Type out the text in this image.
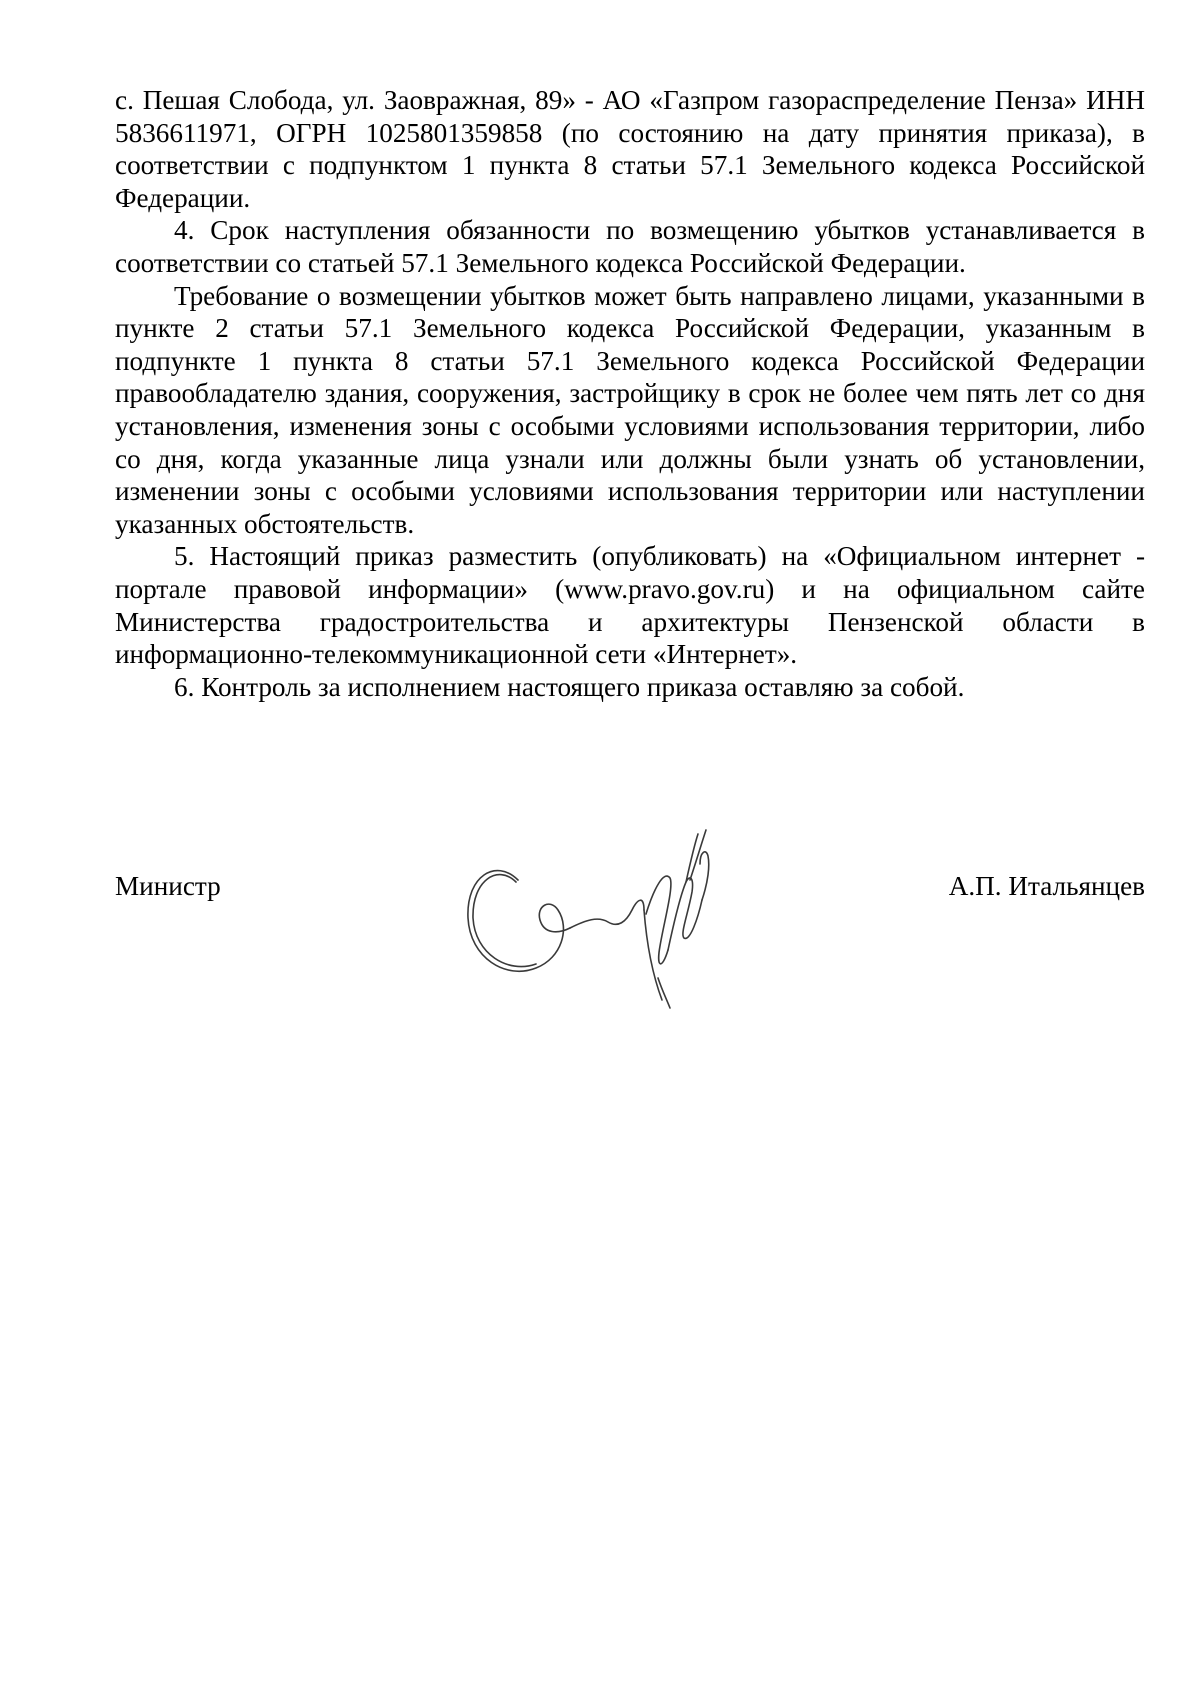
с. Пешая Слобода, ул. Заовражная, 89» - АО «Газпром газораспределение Пенза» ИНН 5836611971, ОГРН 1025801359858 (по состоянию на дату принятия приказа), в соответствии с подпунктом 1 пункта 8 статьи 57.1 Земельного кодекса Российской Федерации.

4. Срок наступления обязанности по возмещению убытков устанавливается в соответствии со статьей 57.1 Земельного кодекса Российской Федерации.

Требование о возмещении убытков может быть направлено лицами, указанными в пункте 2 статьи 57.1 Земельного кодекса Российской Федерации, указанным в подпункте 1 пункта 8 статьи 57.1 Земельного кодекса Российской Федерации правообладателю здания, сооружения, застройщику в срок не более чем пять лет со дня установления, изменения зоны с особыми условиями использования территории, либо со дня, когда указанные лица узнали или должны были узнать об установлении, изменении зоны с особыми условиями использования территории или наступлении указанных обстоятельств.

5. Настоящий приказ разместить (опубликовать) на «Официальном интернет - портале правовой информации» (www.pravo.gov.ru) и на официальном сайте Министерства градостроительства и архитектуры Пензенской области в информационно-телекоммуникационной сети «Интернет».

6. Контроль за исполнением настоящего приказа оставляю за собой.

Министр	А.П. Итальянцев
